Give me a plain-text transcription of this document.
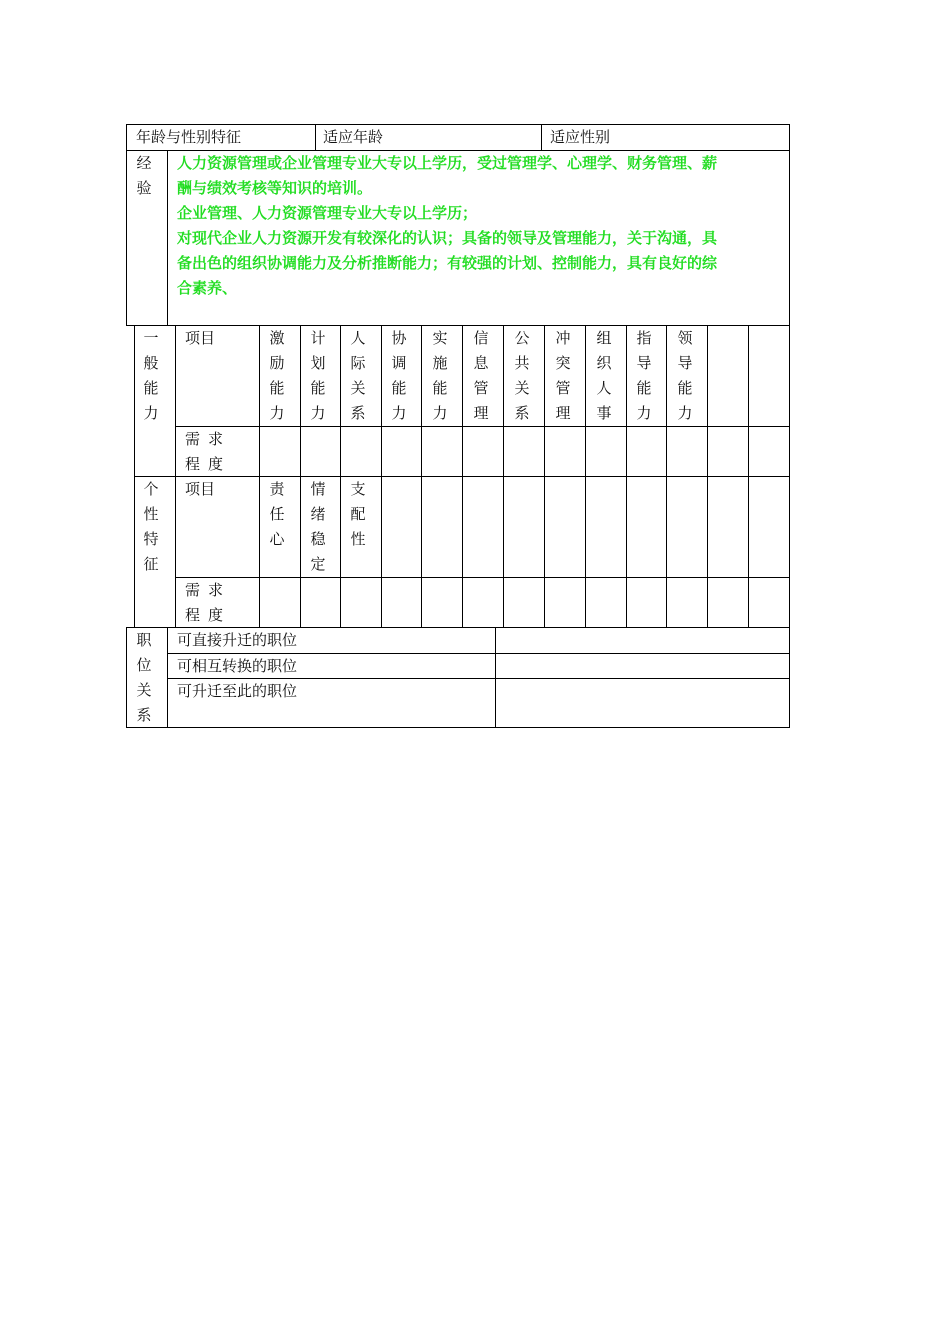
年龄与性别特征	适应年龄	适应性别
经验
人力资源管理或企业管理专业大专以上学历，受过管理学、心理学、财务管理、薪
酬与绩效考核等知识的培训。
企业管理、人力资源管理专业大专以上学历；
对现代企业人力资源开发有较深化的认识；具备的领导及管理能力，关于沟通，具
备出色的组织协调能力及分析推断能力；有较强的计划、控制能力，具有良好的综
合素养、
一般能力
项目
需求程度
激励能力
计划能力
人际关系
协调能力
实施能力
信息管理
公共关系
冲突管理
组织人事
指导能力
领导能力
个性特征
项目
需求程度
责任心
情绪稳定
支配性
职位关系
可直接升迁的职位
可相互转换的职位
可升迁至此的职位
